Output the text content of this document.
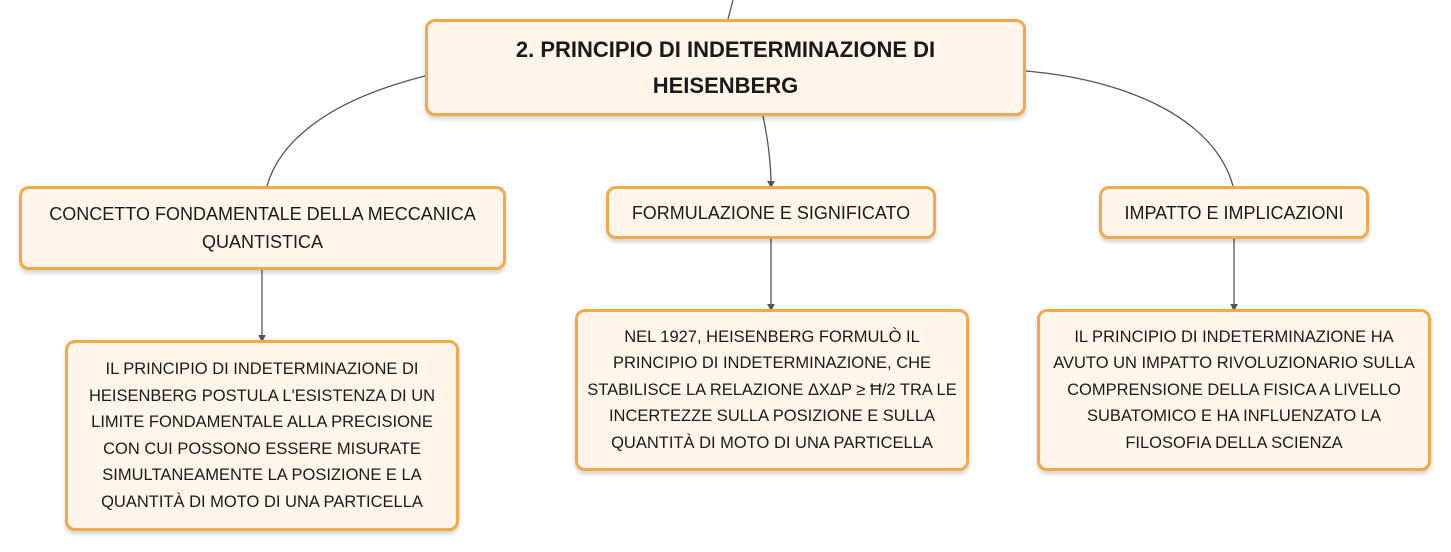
2. PRINCIPIO DI INDETERMINAZIONE DI HEISENBERG
CONCETTO FONDAMENTALE DELLA MECCANICA QUANTISTICA
FORMULAZIONE E SIGNIFICATO	IMPATTO E IMPLICAZIONI
IL PRINCIPIO DI INDETERMINAZIONE DI HEISENBERG POSTULA L'ESISTENZA DI UN LIMITE FONDAMENTALE ALLA PRECISIONE CON CUI POSSONO ESSERE MISURATE SIMULTANEAMENTE LA POSIZIONE E LA QUANTITÀ DI MOTO DI UNA PARTICELLA
NEL 1927, HEISENBERG FORMULÒ IL PRINCIPIO DI INDETERMINAZIONE, CHE STABILISCE LA RELAZIONE ΔXΔP ≥ Ħ/2 TRA LE INCERTEZZE SULLA POSIZIONE E SULLA QUANTITÀ DI MOTO DI UNA PARTICELLA
IL PRINCIPIO DI INDETERMINAZIONE HA AVUTO UN IMPATTO RIVOLUZIONARIO SULLA COMPRENSIONE DELLA FISICA A LIVELLO SUBATOMICO E HA INFLUENZATO LA FILOSOFIA DELLA SCIENZA
